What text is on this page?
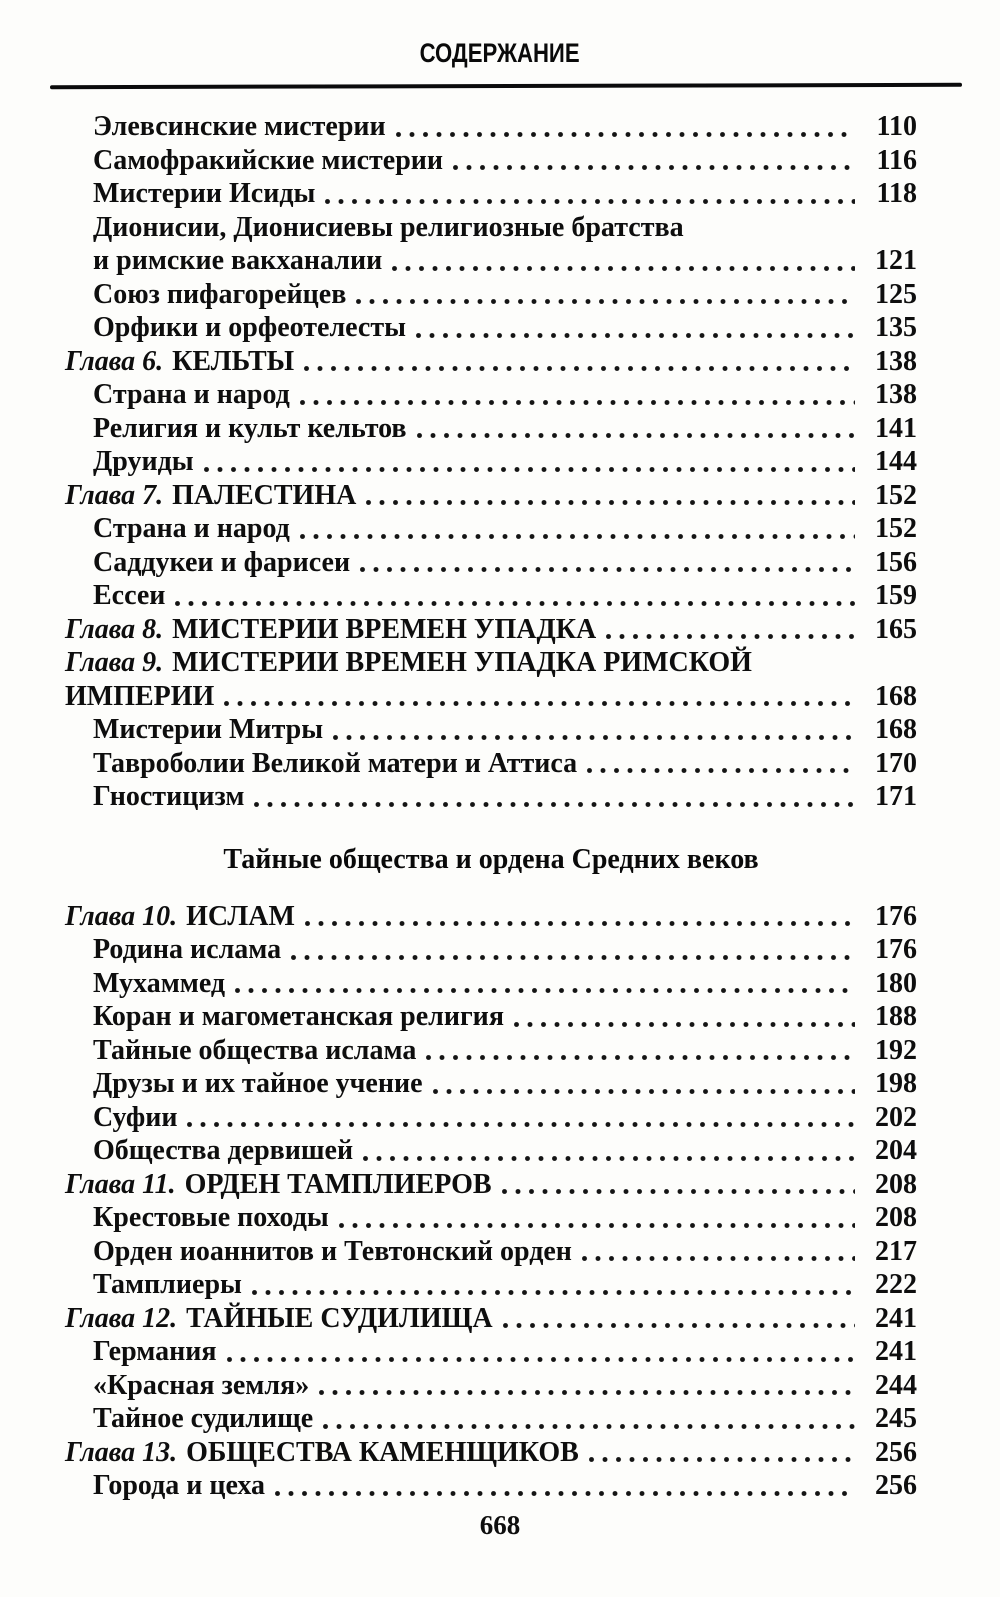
СОДЕРЖАНИЕ
Элевсинские мистерии	110
Самофракийские мистерии	116
Мистерии Исиды	118
Дионисии, Дионисиевы религиозные братства
и римские вакханалии	121
Союз пифагорейцев	125
Орфики и орфеотелесты	135
Глава 6. КЕЛЬТЫ	138
Страна и народ	138
Религия и культ кельтов	141
Друиды	144
Глава 7. ПАЛЕСТИНА	152
Страна и народ	152
Саддукеи и фарисеи	156
Ессеи	159
Глава 8. МИСТЕРИИ ВРЕМЕН УПАДКА	165
Глава 9. МИСТЕРИИ ВРЕМЕН УПАДКА РИМСКОЙ
ИМПЕРИИ	168
Мистерии Митры	168
Тавроболии Великой матери и Аттиса	170
Гностицизм	171
Тайные общества и ордена Средних веков
Глава 10. ИСЛАМ	176
Родина ислама	176
Мухаммед	180
Коран и магометанская религия	188
Тайные общества ислама	192
Друзы и их тайное учение	198
Суфии	202
Общества дервишей	204
Глава 11. ОРДЕН ТАМПЛИЕРОВ	208
Крестовые походы	208
Орден иоаннитов и Тевтонский орден	217
Тамплиеры	222
Глава 12. ТАЙНЫЕ СУДИЛИЩА	241
Германия	241
«Красная земля»	244
Тайное судилище	245
Глава 13. ОБЩЕСТВА КАМЕНЩИКОВ	256
Города и цеха	256
668
